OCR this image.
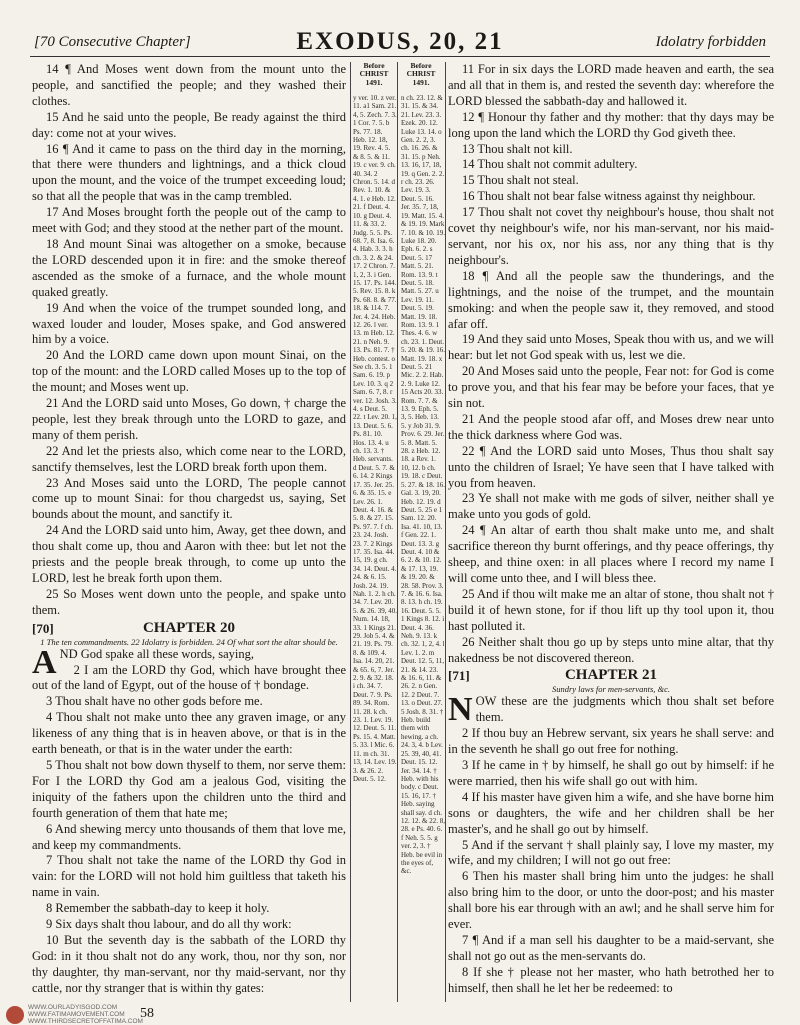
[70 Consecutive Chapter]	EXODUS, 20, 21	Idolatry forbidden

14 ¶ And Moses went down from the mount unto the people, and sanctified the people; and they washed their clothes.

15 And he said unto the people, Be ready against the third day: come not at your wives.

16 ¶ And it came to pass on the third day in the morning, that there were thunders and lightnings, and a thick cloud upon the mount, and the voice of the trumpet exceeding loud; so that all the people that was in the camp trembled.

17 And Moses brought forth the people out of the camp to meet with God; and they stood at the nether part of the mount.

18 And mount Sinai was altogether on a smoke, because the LORD descended upon it in fire: and the smoke thereof ascended as the smoke of a furnace, and the whole mount quaked greatly.

19 And when the voice of the trumpet sounded long, and waxed louder and louder, Moses spake, and God answered him by a voice.

20 And the LORD came down upon mount Sinai, on the top of the mount: and the LORD called Moses up to the top of the mount; and Moses went up.

21 And the LORD said unto Moses, Go down, † charge the people, lest they break through unto the LORD to gaze, and many of them perish.

22 And let the priests also, which come near to the LORD, sanctify themselves, lest the LORD break forth upon them.

23 And Moses said unto the LORD, The people cannot come up to mount Sinai: for thou chargedst us, saying, Set bounds about the mount, and sanctify it.

24 And the LORD said unto him, Away, get thee down, and thou shalt come up, thou and Aaron with thee: but let not the priests and the people break through, to come up unto the LORD, lest he break forth upon them.

25 So Moses went down unto the people, and spake unto them.

[70]	CHAPTER 20

1 The ten commandments. 22 Idolatry is forbidden. 24 Of what sort the altar should be.

AND God spake all these words, saying,

2 I am the LORD thy God, which have brought thee out of the land of Egypt, out of the house of † bondage.

3 Thou shalt have no other gods before me.

4 Thou shalt not make unto thee any graven image, or any likeness of any thing that is in heaven above, or that is in the earth beneath, or that is in the water under the earth:

5 Thou shalt not bow down thyself to them, nor serve them: For I the LORD thy God am a jealous God, visiting the iniquity of the fathers upon the children unto the third and fourth generation of them that hate me;

6 And shewing mercy unto thousands of them that love me, and keep my commandments.

7 Thou shalt not take the name of the LORD thy God in vain: for the LORD will not hold him guiltless that taketh his name in vain.

8 Remember the sabbath-day to keep it holy.

9 Six days shalt thou labour, and do all thy work:

10 But the seventh day is the sabbath of the LORD thy God: in it thou shalt not do any work, thou, nor thy son, nor thy daughter, thy man-servant, nor thy maid-servant, nor thy cattle, nor thy stranger that is within thy gates:

Before CHRIST 1491.
Before CHRIST 1491.
y ver. 10. z ver. 11. a1 Sam. 21. 4, 5. Zech. 7. 3. 1 Cor. 7. 5. b Ps. 77. 18. Heb. 12. 18, 19. Rev. 4. 5. & 8. 5. & 11. 19. c ver. 9. ch. 40. 34. 2 Chron. 5. 14. d Rev. 1. 10. & 4. 1. e Heb. 12. 21. f Deut. 4. 10. g Deut. 4. 11. & 33. 2. Judg. 5. 5. Ps. 68. 7, 8. Isa. 6. 4. Hab. 3. 3. h ch. 3. 2. & 24. 17. 2 Chron. 7. 1, 2, 3. i Gen. 15. 17. Ps. 144. 5. Rev. 15. 8. k Ps. 68. 8. & 77. 18. & 114. 7. Jer. 4. 24. Heb. 12. 26. l ver. 13. m Heb. 12. 21. n Neh. 9. 13. Ps. 81. 7. † Heb. contest. o See ch. 3. 5. 1 Sam. 6. 19. p Lev. 10. 3. q 2 Sam. 6. 7, 8. r ver. 12. Josh. 3. 4. s Deut. 5. 22. t Lev. 20. 1, 13. Deut. 5. 6. Ps. 81. 10. Hos. 13. 4. u ch. 13. 3. † Heb. servants. d Deut. 5. 7. & 6. 14. 2 Kings 17. 35. Jer. 25. 6. & 35. 15. e Lev. 26. 1. Deut. 4. 16. & 5. 8. & 27. 15. Ps. 97. 7. f ch. 23. 24. Josh. 23. 7. 2 Kings 17. 35. Isa. 44. 15, 19. g ch. 34. 14. Deut. 4. 24. & 6. 15. Josh. 24. 19. Nah. 1. 2. h ch. 34. 7. Lev. 20. 5. & 26. 39, 40. Num. 14. 18, 33. 1 Kings 21. 29. Job 5. 4. & 21. 19. Ps. 79. 8. & 109. 4. Isa. 14. 20, 21. & 65. 6, 7. Jer. 2. 9. & 32. 18. i ch. 34. 7. Deut. 7. 9. Ps. 89. 34. Rom. 11. 28. k ch. 23. 1. Lev. 19. 12. Deut. 5. 11. Ps. 15. 4. Matt. 5. 33. l Mic. 6. 11. m ch. 31. 13, 14. Lev. 19. 3. & 26. 2. Deut. 5. 12.
n ch. 23. 12. & 31. 15. & 34. 21. Lev. 23. 3. Ezek. 20. 12. Luke 13. 14. o Gen. 2. 2, 3. ch. 16. 26. & 31. 15. p Neh. 13. 16, 17, 18, 19. q Gen. 2. 2. r ch. 23. 26. Lev. 19. 3. Deut. 5. 16. Jer. 35. 7, 18, 19. Matt. 15. 4. & 19. 19. Mark 7. 10. & 10. 19. Luke 18. 20. Eph. 6. 2. s Deut. 5. 17 Matt. 5. 21. Rom. 13. 9. t Deut. 5. 18. Matt. 5. 27. u Lev. 19. 11. Deut. 5. 19. Matt. 19. 18. Rom. 13. 9. 1 Thes. 4. 6. w ch. 23. 1. Deut. 5. 20. & 19. 16. Matt. 19. 18. x Deut. 5. 21 Mic. 2. 2. Hab. 2. 9. Luke 12. 15 Acts 20. 33. Rom. 7. 7. & 13. 9. Eph. 5. 3, 5. Heb. 13. 5. y Job 31. 9. Prov. 6. 29. Jer. 5. 8. Matt. 5. 28. z Heb. 12. 18. a Rev. 1. 10, 12. b ch. 19. 18. c Deut. 5. 27. & 18. 16. Gal. 3. 19, 20. Heb. 12. 19. d Deut. 5. 25 e 1 Sam. 12. 20. Isa. 41. 10, 13. f Gen. 22. 1. Deut. 13. 3. g Deut. 4. 10 & 6. 2. & 10. 12. & 17. 13, 19. & 19. 20. & 28. 58. Prov. 3. 7. & 16. 6. Isa. 8. 13. h ch. 19. 16. Deut. 5. 5. 1 Kings 8. 12. i Deut. 4. 36. Neh. 9. 13. k ch. 32. 1, 2, 4. l Lev. 1. 2. m Deut. 12. 5, 11, 21. & 14. 23. & 16. 6, 11. & 26. 2. n Gen. 12. 2 Deut. 7. 13. o Deut. 27. 5 Josh. 8. 31. † Heb. build them with hewing. a ch. 24. 3, 4. b Lev. 25. 39, 40, 41. Deut. 15. 12. Jer. 34. 14. † Heb. with his body. c Deut. 15. 16, 17. † Heb. saying shall say. d ch. 12. 12. & 22. 8, 28. e Ps. 40. 6. f Neh. 5. 5. g ver. 2, 3. † Heb. be evil in the eyes of, &c.

11 For in six days the LORD made heaven and earth, the sea and all that in them is, and rested the seventh day: wherefore the LORD blessed the sabbath-day and hallowed it.

12 ¶ Honour thy father and thy mother: that thy days may be long upon the land which the LORD thy God giveth thee.

13 Thou shalt not kill.

14 Thou shalt not commit adultery.

15 Thou shalt not steal.

16 Thou shalt not bear false witness against thy neighbour.

17 Thou shalt not covet thy neighbour's house, thou shalt not covet thy neighbour's wife, nor his man-servant, nor his maid-servant, nor his ox, nor his ass, nor any thing that is thy neighbour's.

18 ¶ And all the people saw the thunderings, and the lightnings, and the noise of the trumpet, and the mountain smoking: and when the people saw it, they removed, and stood afar off.

19 And they said unto Moses, Speak thou with us, and we will hear: but let not God speak with us, lest we die.

20 And Moses said unto the people, Fear not: for God is come to prove you, and that his fear may be before your faces, that ye sin not.

21 And the people stood afar off, and Moses drew near unto the thick darkness where God was.

22 ¶ And the LORD said unto Moses, Thus thou shalt say unto the children of Israel; Ye have seen that I have talked with you from heaven.

23 Ye shall not make with me gods of silver, neither shall ye make unto you gods of gold.

24 ¶ An altar of earth thou shalt make unto me, and shalt sacrifice thereon thy burnt offerings, and thy peace offerings, thy sheep, and thine oxen: in all places where I record my name I will come unto thee, and I will bless thee.

25 And if thou wilt make me an altar of stone, thou shalt not † build it of hewn stone, for if thou lift up thy tool upon it, thou hast polluted it.

26 Neither shalt thou go up by steps unto mine altar, that thy nakedness be not discovered thereon.

[71]	CHAPTER 21

Sundry laws for men-servants, &c.

NOW these are the judgments which thou shalt set before them.

2 If thou buy an Hebrew servant, six years he shall serve: and in the seventh he shall go out free for nothing.

3 If he came in † by himself, he shall go out by himself: if he were married, then his wife shall go out with him.

4 If his master have given him a wife, and she have borne him sons or daughters, the wife and her children shall be her master's, and he shall go out by himself.

5 And if the servant † shall plainly say, I love my master, my wife, and my children; I will not go out free:

6 Then his master shall bring him unto the judges: he shall also bring him to the door, or unto the door-post; and his master shall bore his ear through with an awl; and he shall serve him for ever.

7 ¶ And if a man sell his daughter to be a maid-servant, she shall not go out as the men-servants do.

8 If she † please not her master, who hath betrothed her to himself, then shall he let her be redeemed: to

WWW.OURLADYISGOD.COM
WWW.FATIMAMOVEMENT.COM
WWW.THIRDSECRETOFFATIMA.COM
58
